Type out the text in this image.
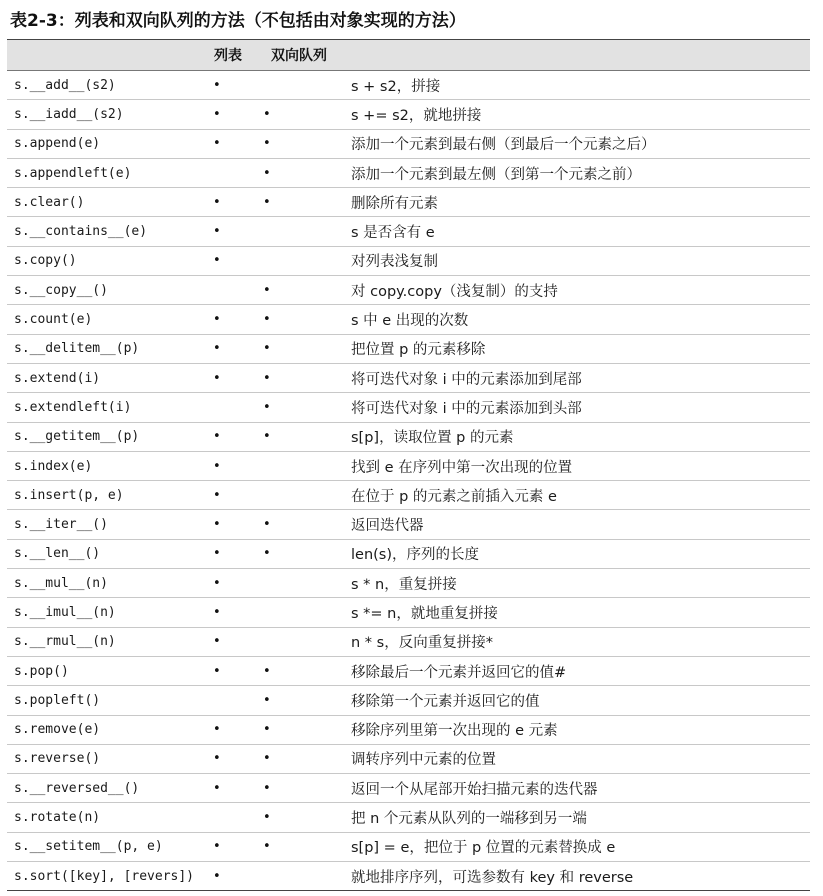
表2-3：列表和双向队列的方法（不包括由对象实现的方法）
	列表	双向队列	
s.__add__(s2)	•		s + s2，拼接
s.__iadd__(s2)	•	•	s += s2，就地拼接
s.append(e)	•	•	添加一个元素到最右侧（到最后一个元素之后）
s.appendleft(e)		•	添加一个元素到最左侧（到第一个元素之前）
s.clear()	•	•	删除所有元素
s.__contains__(e)	•		s 是否含有 e
s.copy()	•		对列表浅复制
s.__copy__()		•	对 copy.copy（浅复制）的支持
s.count(e)	•	•	s 中 e 出现的次数
s.__delitem__(p)	•	•	把位置 p 的元素移除
s.extend(i)	•	•	将可迭代对象 i 中的元素添加到尾部
s.extendleft(i)		•	将可迭代对象 i 中的元素添加到头部
s.__getitem__(p)	•	•	s[p]，读取位置 p 的元素
s.index(e)	•		找到 e 在序列中第一次出现的位置
s.insert(p, e)	•		在位于 p 的元素之前插入元素 e
s.__iter__()	•	•	返回迭代器
s.__len__()	•	•	len(s)，序列的长度
s.__mul__(n)	•		s * n，重复拼接
s.__imul__(n)	•		s *= n，就地重复拼接
s.__rmul__(n)	•		n * s，反向重复拼接*
s.pop()	•	•	移除最后一个元素并返回它的值#
s.popleft()		•	移除第一个元素并返回它的值
s.remove(e)	•	•	移除序列里第一次出现的 e 元素
s.reverse()	•	•	调转序列中元素的位置
s.__reversed__()	•	•	返回一个从尾部开始扫描元素的迭代器
s.rotate(n)		•	把 n 个元素从队列的一端移到另一端
s.__setitem__(p, e)	•	•	s[p] = e，把位于 p 位置的元素替换成 e
s.sort([key], [revers])	•		就地排序序列，可选参数有 key 和 reverse
